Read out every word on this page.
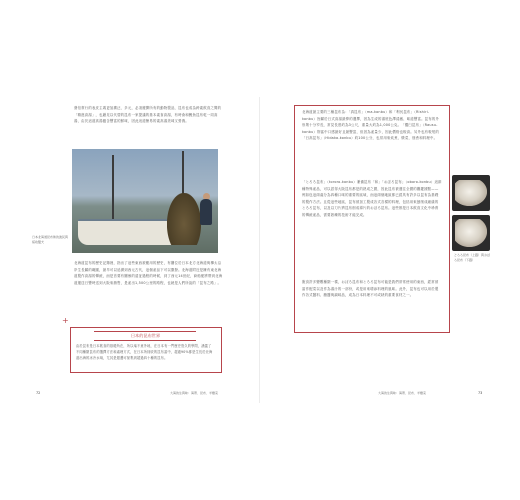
發信實行的表皮主義更加廣泛、多元，必須避開所有的動物製品，昆布也成為跨素飲食之間的「精進高湯」，也藉足以代替的昆布一家提議的基本素食高湯，有時會和鰹魚昆布乾一同高湯，由於這道高湯蘊含豐富的鮮味，因此這道簡易的素高湯美味又營養。
日本北海道昆布佈的漁民與採收蟹夫
北海道昆布的歷史記錄裡，指出了這些東西被應用的歷史，有關位於日本北方北海道與樺太沿岸生長屬的範圍，最早可以追溯到西元古代，這個產品下可以撒發。北海道附近是擁有東北海道製作高湯的傳統，而是首要有關係的遠征過程的時候，到了西元14世紀，商船便將帶到北海道運送日豐時送到大阪來銷售，是產出1,500公里的路程，也就是人們所說的「昆布之路」。
+
日本的昆布世界
由於昆布是日本飲食的基礎所在，所以毫不意外地，在日本有一門歷史悠久的學問，涵蓋了不同種類昆布的選擇方法和處理方式，在日本所採收的昆布當中，超過90%都是生長於北海道出海的冰冷水域，尤其是週遭可採集到超過四十種的昆布。
72	大海的生與味：海帶、昆布、羊棲菜
北海道最主要的三種昆布為：「真昆布」（ma-konbu）和「利尻昆布」（Rishiri-konbu）皆屬於日式高湯最棒的選擇，因為生成的湯底色澤清澈、味道豐富。昆布的外形則十分窄長，常見長度約為3公尺，重量大約為1,000公克。「羅臼昆布」（Rausu-konbu）則當中口感最好且最豐富，但因為產量少，因此價格也較高。另外也有較短的「日高昆布」（Hidaka-konbu）約100公分，也常用來炊煮、燉菜，佃煮和料理中。
「とろろ昆布」（tororo-konbu）兼備昆布「和」「おぼろ昆布」（oboro-konbu）這兩種特殊產品，可以認得大阪昆布都是的熟成之國，因此昆布被運往全國的關鍵據點——例如包這兩處分為四種口味的重要的區域，而這兩個地區都已經具有許多以昆布為基礎的製作方法。且從這些地區，昆布被加工製成各式各樣的料理，包括用來刨削成細絲的とろろ昆布，以及以刀片將昆布削成薄片的おぼろ昆布。這些都是日本飲食文化中珍貴的傳統產品，需要熟練的技術才能完成。
脫食許多變數種類一樣，おぼろ昆布和とろろ昆布可能是我們常常使用的東西，經常被當作配菜以及作為湯汁的一部份，或是用來增添料理的風味。此外，昆布也可以用於製作各式醬料、蘸醬與調味品，成為日本料理不可或缺的重要食材之一。
とろろ昆布（上圖）與おぼろ昆布（下圖）
大海的生與味：海帶、昆布、羊棲菜	73
